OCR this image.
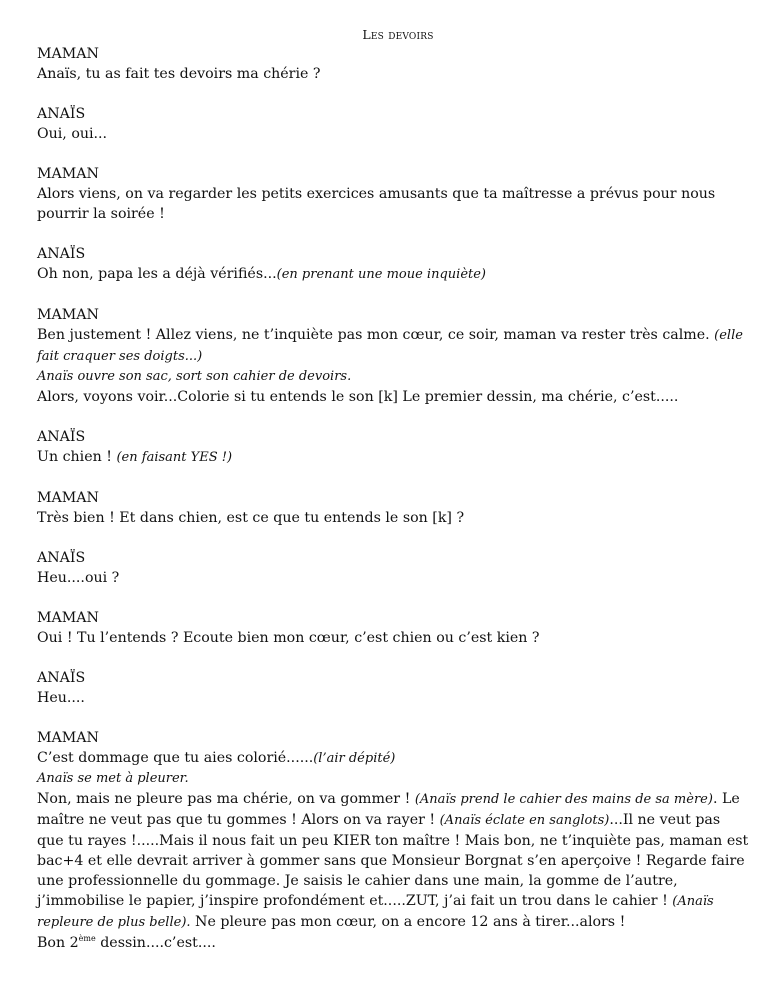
Les devoirs
MAMAN
Anaïs, tu as fait tes devoirs ma chérie ?
ANAÏS
Oui, oui...
MAMAN
Alors viens, on va regarder les petits exercices amusants que ta maîtresse a prévus pour nous pourrir la soirée !
ANAÏS
Oh non, papa les a déjà vérifiés...(en prenant une moue inquiète)
MAMAN
Ben justement ! Allez viens, ne t’inquiète pas mon cœur, ce soir, maman va rester très calme. (elle fait craquer ses doigts...)
Anaïs ouvre son sac, sort son cahier de devoirs.
Alors, voyons voir...Colorie si tu entends le son [k] Le premier dessin, ma chérie, c’est.....
ANAÏS
Un chien ! (en faisant YES !)
MAMAN
Très bien ! Et dans chien, est ce que tu entends le son [k] ?
ANAÏS
Heu....oui ?
MAMAN
Oui ! Tu l’entends ? Ecoute bien mon cœur, c’est chien ou c’est kien ?
ANAÏS
Heu....
MAMAN
C’est dommage que tu aies colorié......(l’air dépité)
Anaïs se met à pleurer.
Non, mais ne pleure pas ma chérie, on va gommer ! (Anaïs prend le cahier des mains de sa mère). Le maître ne veut pas que tu gommes ! Alors on va rayer ! (Anaïs éclate en sanglots)...Il ne veut pas que tu rayes !.....Mais il nous fait un peu KIER ton maître ! Mais bon, ne t’inquiète pas, maman est bac+4 et elle devrait arriver à gommer sans que Monsieur Borgnat s’en aperçoive ! Regarde faire une professionnelle du gommage. Je saisis le cahier dans une main, la gomme de l’autre, j’immobilise le papier, j’inspire profondément et.....ZUT, j’ai fait un trou dans le cahier ! (Anaïs repleure de plus belle). Ne pleure pas mon cœur, on a encore 12 ans à tirer...alors !
Bon 2ème dessin....c’est....
